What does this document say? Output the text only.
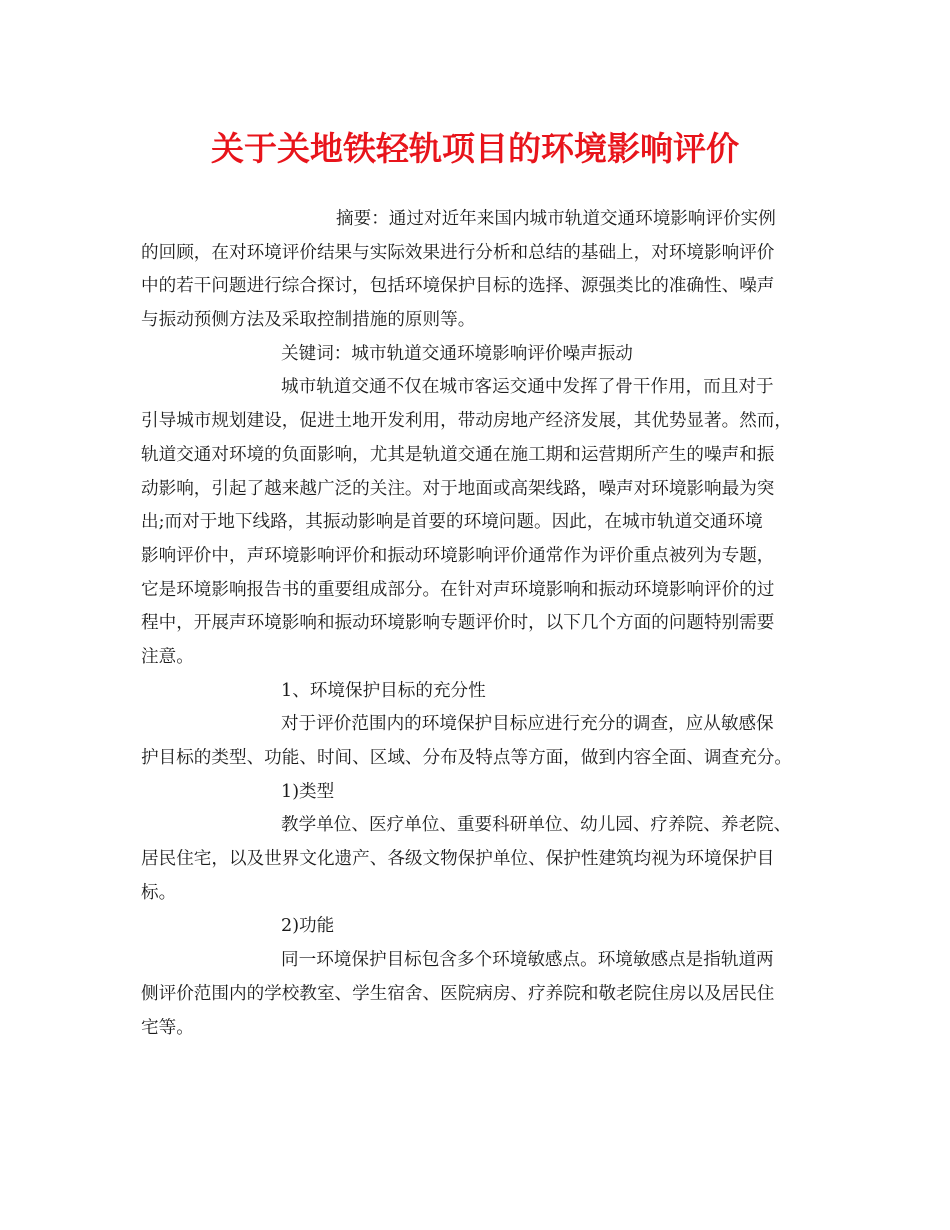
关于关地铁轻轨项目的环境影响评价
摘要：通过对近年来国内城市轨道交通环境影响评价实例
的回顾，在对环境评价结果与实际效果进行分析和总结的基础上，对环境影响评价
中的若干问题进行综合探讨，包括环境保护目标的选择、源强类比的准确性、噪声
与振动预侧方法及采取控制措施的原则等。
关键词：城市轨道交通环境影响评价噪声振动
城市轨道交通不仅在城市客运交通中发挥了骨干作用，而且对于
引导城市规划建设，促进土地开发利用，带动房地产经济发展，其优势显著。然而，
轨道交通对环境的负面影响，尤其是轨道交通在施工期和运营期所产生的噪声和振
动影响，引起了越来越广泛的关注。对于地面或高架线路，噪声对环境影响最为突
出;而对于地下线路，其振动影响是首要的环境问题。因此，在城市轨道交通环境
影响评价中，声环境影响评价和振动环境影响评价通常作为评价重点被列为专题，
它是环境影响报告书的重要组成部分。在针对声环境影响和振动环境影响评价的过
程中，开展声环境影响和振动环境影响专题评价时，以下几个方面的问题特别需要
注意。
1、环境保护目标的充分性
对于评价范围内的环境保护目标应进行充分的调查，应从敏感保
护目标的类型、功能、时间、区域、分布及特点等方面，做到内容全面、调查充分。
1)类型
教学单位、医疗单位、重要科研单位、幼儿园、疗养院、养老院、
居民住宅，以及世界文化遗产、各级文物保护单位、保护性建筑均视为环境保护目
标。
2)功能
同一环境保护目标包含多个环境敏感点。环境敏感点是指轨道两
侧评价范围内的学校教室、学生宿舍、医院病房、疗养院和敬老院住房以及居民住
宅等。
